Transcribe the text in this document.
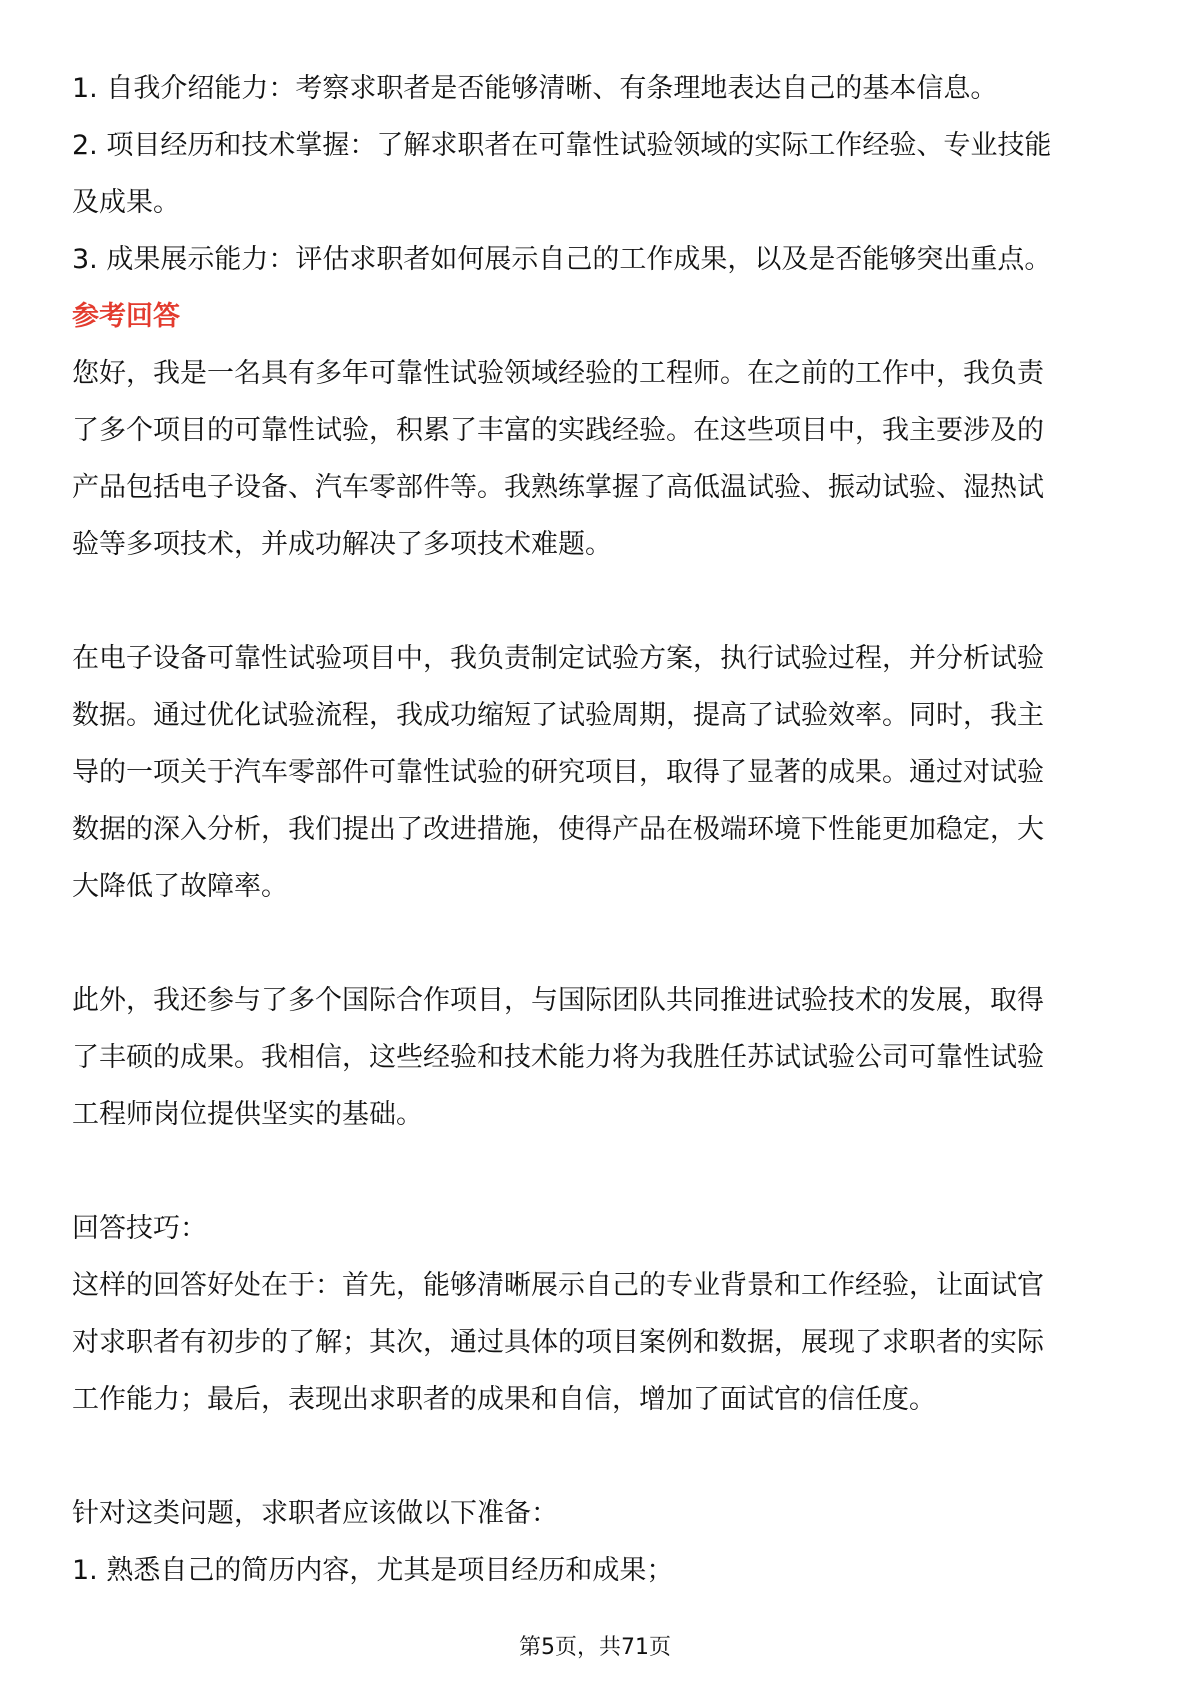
1. 自我介绍能力：考察求职者是否能够清晰、有条理地表达自己的基本信息。

2. 项目经历和技术掌握：了解求职者在可靠性试验领域的实际工作经验、专业技能

及成果。

3. 成果展示能力：评估求职者如何展示自己的工作成果，以及是否能够突出重点。

参考回答

您好，我是一名具有多年可靠性试验领域经验的工程师。在之前的工作中，我负责

了多个项目的可靠性试验，积累了丰富的实践经验。在这些项目中，我主要涉及的

产品包括电子设备、汽车零部件等。我熟练掌握了高低温试验、振动试验、湿热试

验等多项技术，并成功解决了多项技术难题。

在电子设备可靠性试验项目中，我负责制定试验方案，执行试验过程，并分析试验

数据。通过优化试验流程，我成功缩短了试验周期，提高了试验效率。同时，我主

导的一项关于汽车零部件可靠性试验的研究项目，取得了显著的成果。通过对试验

数据的深入分析，我们提出了改进措施，使得产品在极端环境下性能更加稳定，大

大降低了故障率。

此外，我还参与了多个国际合作项目，与国际团队共同推进试验技术的发展，取得

了丰硕的成果。我相信，这些经验和技术能力将为我胜任苏试试验公司可靠性试验

工程师岗位提供坚实的基础。

回答技巧：

这样的回答好处在于：首先，能够清晰展示自己的专业背景和工作经验，让面试官

对求职者有初步的了解；其次，通过具体的项目案例和数据，展现了求职者的实际

工作能力；最后，表现出求职者的成果和自信，增加了面试官的信任度。

针对这类问题，求职者应该做以下准备：

1. 熟悉自己的简历内容，尤其是项目经历和成果；

第5页，共71页
